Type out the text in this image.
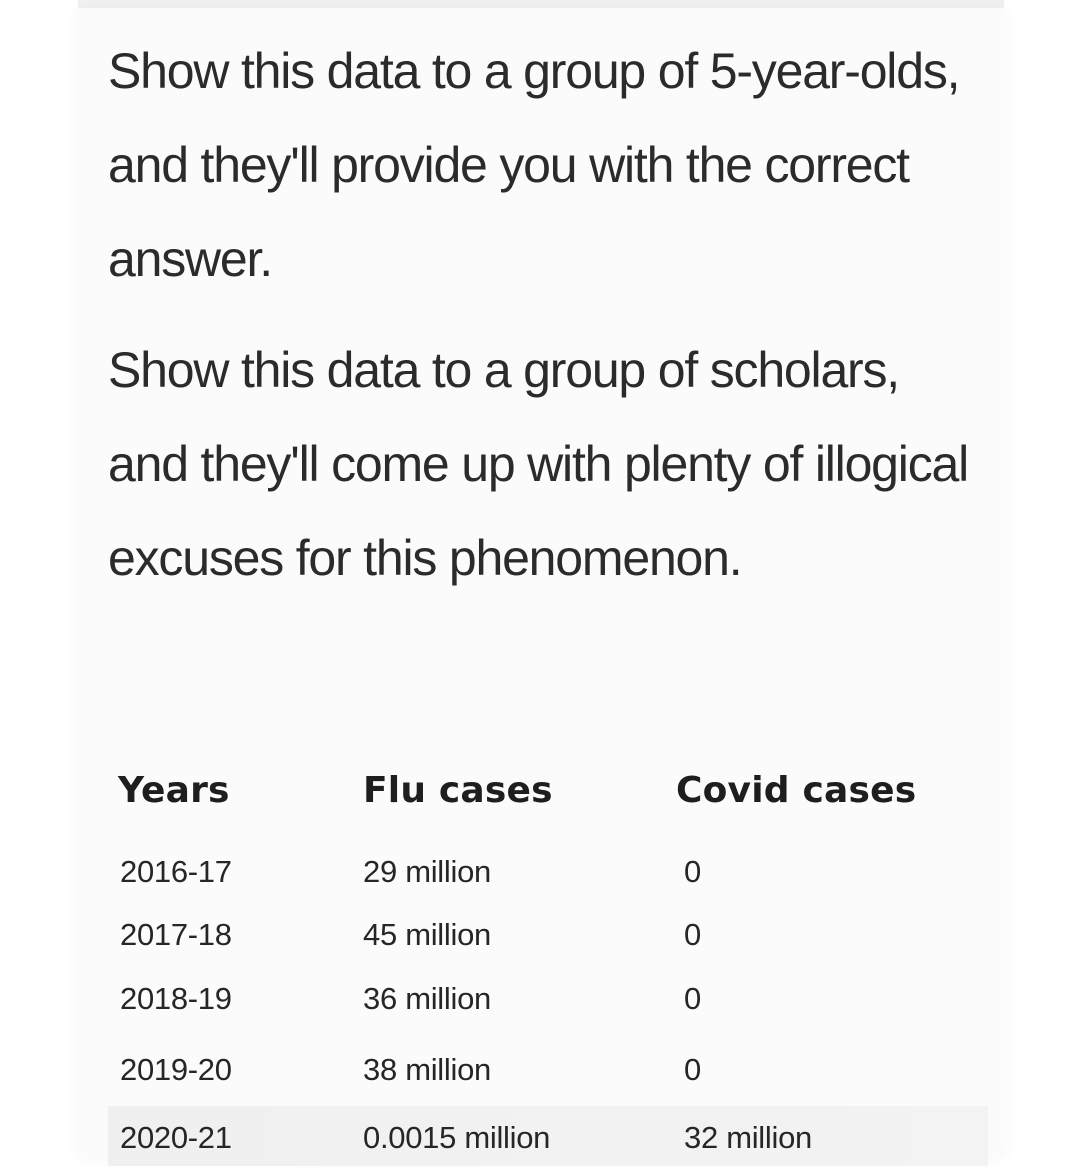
Show this data to a group of 5-year-olds, and they'll provide you with the correct answer.

Show this data to a group of scholars, and they'll come up with plenty of illogical excuses for this phenomenon.

Years	Flu cases	Covid cases
2016-17	29 million	0
2017-18	45 million	0
2018-19	36 million	0
2019-20	38 million	0
2020-21	0.0015 million	32 million
